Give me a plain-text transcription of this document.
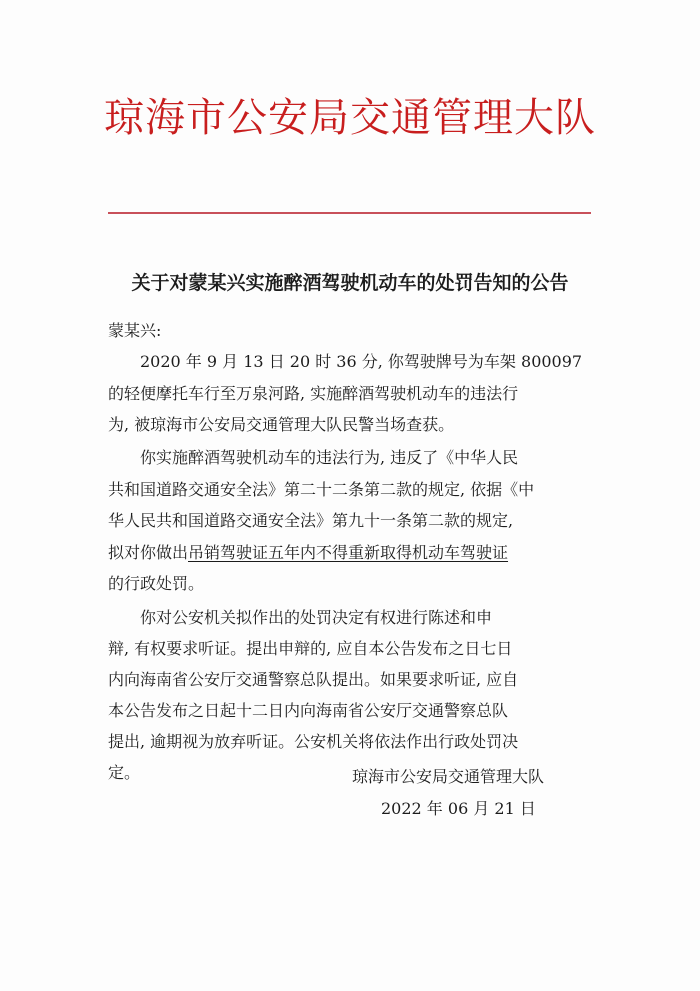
琼海市公安局交通管理大队
关于对蒙某兴实施醉酒驾驶机动车的处罚告知的公告
蒙某兴:
2020 年 9 月 13 日 20 时 36 分, 你驾驶牌号为车架 800097
的轻便摩托车行至万泉河路, 实施醉酒驾驶机动车的违法行
为, 被琼海市公安局交通管理大队民警当场查获。
你实施醉酒驾驶机动车的违法行为, 违反了《中华人民
共和国道路交通安全法》第二十二条第二款的规定, 依据《中
华人民共和国道路交通安全法》第九十一条第二款的规定,
拟对你做出吊销驾驶证五年内不得重新取得机动车驾驶证
的行政处罚。
你对公安机关拟作出的处罚决定有权进行陈述和申
辩, 有权要求听证。提出申辩的, 应自本公告发布之日七日
内向海南省公安厅交通警察总队提出。如果要求听证, 应自
本公告发布之日起十二日内向海南省公安厅交通警察总队
提出, 逾期视为放弃听证。公安机关将依法作出行政处罚决
定。	琼海市公安局交通管理大队
2022 年 06 月 21 日
